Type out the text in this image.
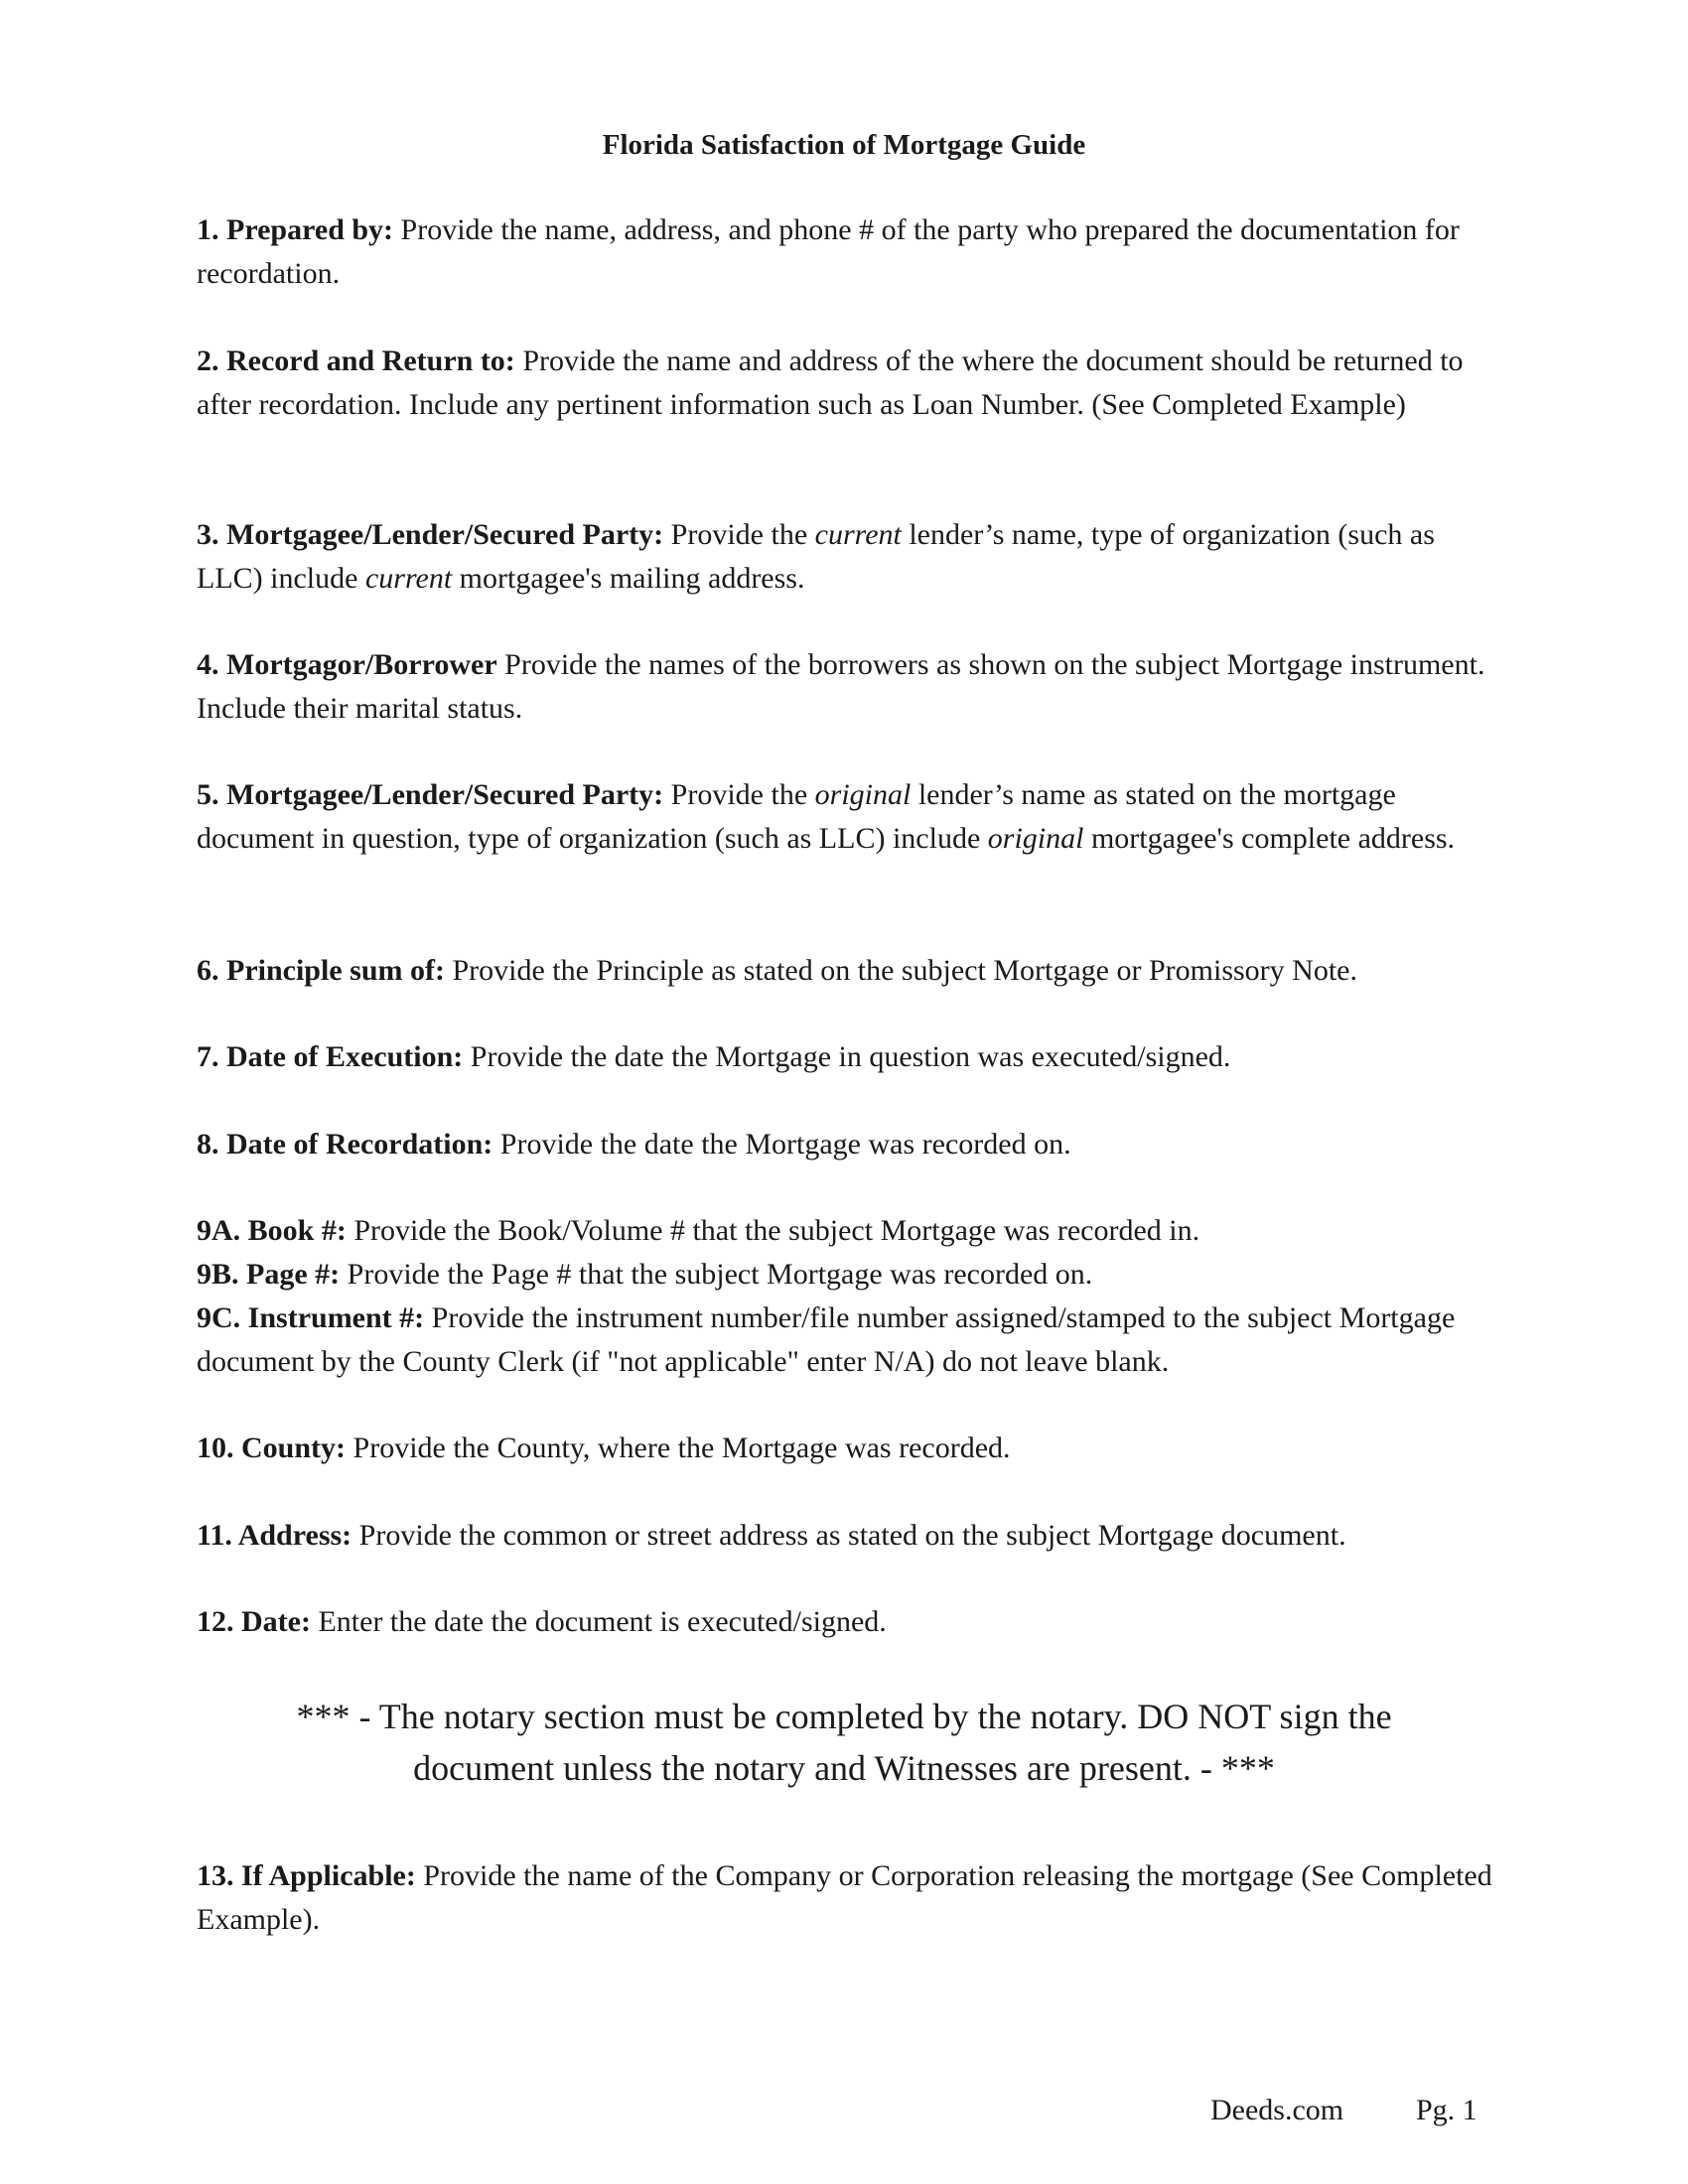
Florida Satisfaction of Mortgage Guide
1. Prepared by: Provide the name, address, and phone # of the party who prepared the documentation for recordation.
2. Record and Return to: Provide the name and address of the where the document should be returned to after recordation. Include any pertinent information such as Loan Number. (See Completed Example)
3. Mortgagee/Lender/Secured Party: Provide the current lender’s name, type of organization (such as LLC) include current mortgagee's mailing address.
4. Mortgagor/Borrower Provide the names of the borrowers as shown on the subject Mortgage instrument. Include their marital status.
5. Mortgagee/Lender/Secured Party: Provide the original lender’s name as stated on the mortgage document in question, type of organization (such as LLC) include original mortgagee's complete address.
6. Principle sum of: Provide the Principle as stated on the subject Mortgage or Promissory Note.
7. Date of Execution: Provide the date the Mortgage in question was executed/signed.
8. Date of Recordation: Provide the date the Mortgage was recorded on.
9A. Book #: Provide the Book/Volume # that the subject Mortgage was recorded in.
9B. Page #: Provide the Page # that the subject Mortgage was recorded on.
9C. Instrument #: Provide the instrument number/file number assigned/stamped to the subject Mortgage document by the County Clerk (if "not applicable" enter N/A) do not leave blank.
10. County: Provide the County, where the Mortgage was recorded.
11. Address: Provide the common or street address as stated on the subject Mortgage document.
12. Date: Enter the date the document is executed/signed.
*** - The notary section must be completed by the notary. DO NOT sign the
document unless the notary and Witnesses are present. - ***
13. If Applicable: Provide the name of the Company or Corporation releasing the mortgage (See Completed Example).
Deeds.com Pg. 1
